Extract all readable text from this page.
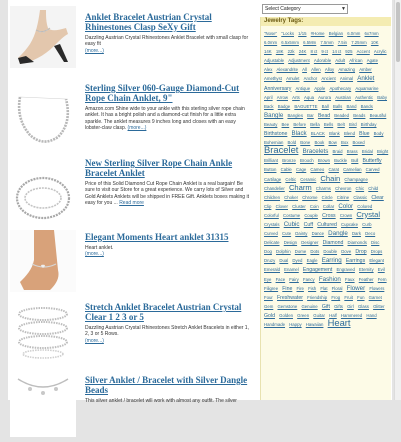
Anklet Bracelet Austrian Crystal Rhinestones Clasp SeXy Gift
Dazzling Austrian Crystal Rhinestones Anklet Bracelet with small clasp for easy fit
(more...)
Sterling Silver 060-Gauge Diamond-Cut Rope Chain Anklet, 9"
Amazon.com Shine wide to your ankle with this sterling silver rope chain anklet. It has a bright polish and a diamond-cut finish for a little extra sparkle. The anklet measures 9 inches long and closes with an easy lobster-claw clasp. (more...)
New Sterling Silver Rope Chain Ankle Bracelet Anklet
Price of this Solid Diamond Cut Rope Chain Anklet is a real bargain! Be sure to visit our Store for a great experience. We carry lots of Silver and Gold Anklets Anklets will be shipped in FREE Gift. Anklets boxes making it easy for you ... Read more
Elegant Moments Heart anklet 31315
Heart anklet.
(more...)
Stretch Anklet Bracelet Austrian Crystal Clear 1 2 3 or 5
Dazzling Austrian Crystal Rhinestones Stretch Anklet Bracelets in either 1, 2, 3 or 5 Rows.
(more...)
Silver Anklet / Bracelet with Silver Dangle Beads
This silver anklet / bracelet will work with almost any outfit. The silver
Select Category	▼
Jewelry Tags:
"Nose" "Locks 1/15 #Home Belgian 6.0mm 6x7mm 6.0mm 6.5x5mm 6.5Mm 7.5mm 7.5in 7.25mm 10K 14K 18K 22k 24K 8 ct 9 ct 14 ct 925 Accent Acrylic Adjustable Adjustment Adorable Adult African Agate Alex Alexandrite All Allen Alloy Amazing Amber Amethyst Amulet Anchor Ancient Animal Anklet Anniversary Antique Apple Apothecary Aquamarine April Arrow Arts Aqua Aurora Austrian Authentic Baby Back Badge BAGUETTE Ball Balls Band Bands Bangle Bangles Bar Bead Beaded Beads Beautiful Beauty Bee Before Bella Bells Belt Bird Birthday Birthstone Black BLACK Blank Blend Blue Body Bohemian Bold Bone Book Bow Box Boxed Bracelet Bracelets Braid Brass Bridal Bright Brilliant Bronze Brooch Brown Buckle Bull Butterfly Button Cable Cage Cameo Carat Carnelian Carved Cartilage Celtic Ceramic Chain Champagne Chandelier Charm Charms Chevron Chic Child Children Choker Chrome Circle Citrine Classic Clear Clip Clover Cluster Coin Collar Color Colored Colorful Costume Couple Cross Crown Crystal Crystals Cubic Cuff Cultured Cupcake Curb Curved Cute Dainty Dance Dangle Dark Deco Delicate Design Designer Diamond Diamonds Disc Dog Dolphin Dome Dots Double Dove Drop Drops Druzy Dual Dyed Eagle Earring Earrings Elegant Emerald Enamel Engagement Engraved Eternity Evil Eye Face Fairy Fancy Fashion Faux Feather Fern Filigree Fine Fire Fish Flat Floral Flower Flowers Four Freshwater Friendship Frog Fruit Fun Garnet Gem Gemstone Genuine Gift Gifts Girl Glass Glitter Gold Golden Green Guitar Half Hammered Hand Handmade Happy Hawaiian Heart
